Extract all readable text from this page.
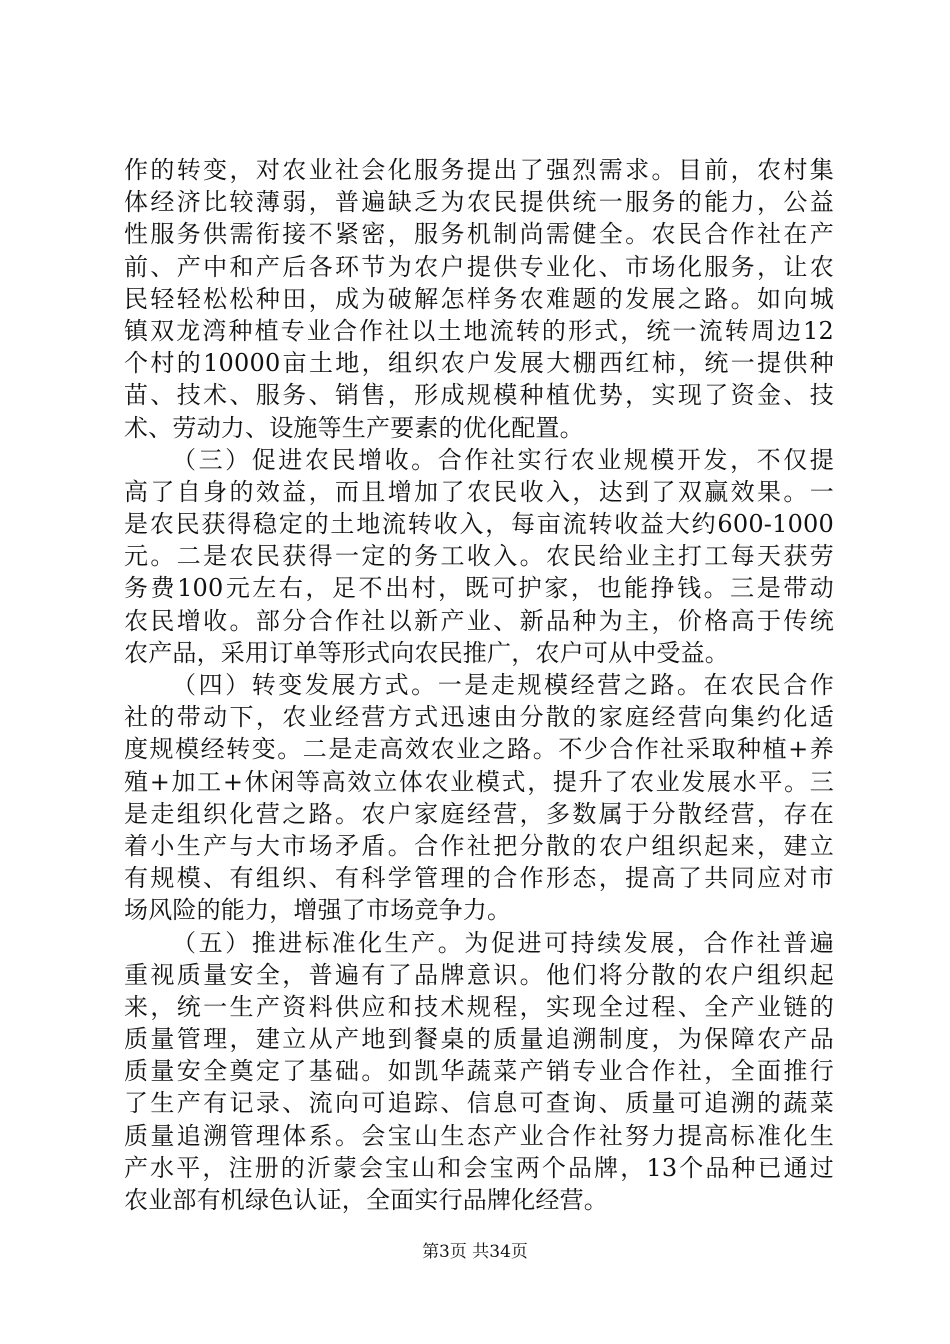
作的转变，对农业社会化服务提出了强烈需求。目前，农村集
体经济比较薄弱，普遍缺乏为农民提供统一服务的能力，公益
性服务供需衔接不紧密，服务机制尚需健全。农民合作社在产
前、产中和产后各环节为农户提供专业化、市场化服务，让农
民轻轻松松种田，成为破解怎样务农难题的发展之路。如向城
镇双龙湾种植专业合作社以土地流转的形式，统一流转周边12
个村的10000亩土地，组织农户发展大棚西红柿，统一提供种
苗、技术、服务、销售，形成规模种植优势，实现了资金、技
术、劳动力、设施等生产要素的优化配置。
（三）促进农民增收。合作社实行农业规模开发，不仅提
高了自身的效益，而且增加了农民收入，达到了双赢效果。一
是农民获得稳定的土地流转收入，每亩流转收益大约600-1000
元。二是农民获得一定的务工收入。农民给业主打工每天获劳
务费100元左右，足不出村，既可护家，也能挣钱。三是带动
农民增收。部分合作社以新产业、新品种为主，价格高于传统
农产品，采用订单等形式向农民推广，农户可从中受益。
（四）转变发展方式。一是走规模经营之路。在农民合作
社的带动下，农业经营方式迅速由分散的家庭经营向集约化适
度规模经转变。二是走高效农业之路。不少合作社采取种植+养
殖+加工+休闲等高效立体农业模式，提升了农业发展水平。三
是走组织化营之路。农户家庭经营，多数属于分散经营，存在
着小生产与大市场矛盾。合作社把分散的农户组织起来，建立
有规模、有组织、有科学管理的合作形态，提高了共同应对市
场风险的能力，增强了市场竞争力。
（五）推进标准化生产。为促进可持续发展，合作社普遍
重视质量安全，普遍有了品牌意识。他们将分散的农户组织起
来，统一生产资料供应和技术规程，实现全过程、全产业链的
质量管理，建立从产地到餐桌的质量追溯制度，为保障农产品
质量安全奠定了基础。如凯华蔬菜产销专业合作社，全面推行
了生产有记录、流向可追踪、信息可查询、质量可追溯的蔬菜
质量追溯管理体系。会宝山生态产业合作社努力提高标准化生
产水平，注册的沂蒙会宝山和会宝两个品牌，13个品种已通过
农业部有机绿色认证，全面实行品牌化经营。
第3页 共34页
